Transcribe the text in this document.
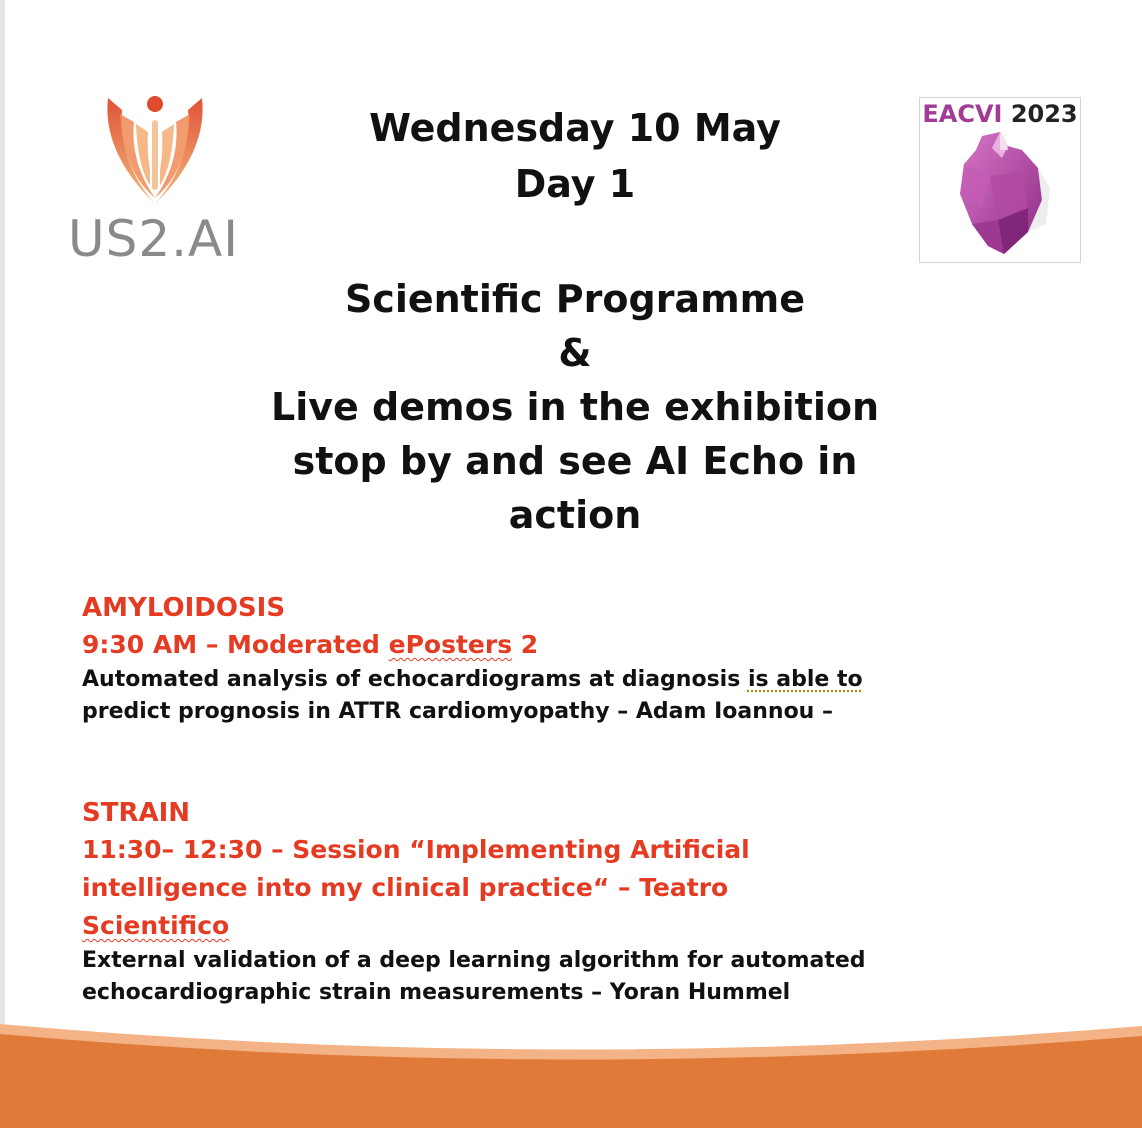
US2.AI
EACVI 2023
Wednesday 10 May
Day 1
Scientific Programme
&
Live demos in the exhibition
stop by and see AI Echo in
action
AMYLOIDOSIS
9:30 AM – Moderated ePosters 2
Automated analysis of echocardiograms at diagnosis is able to
predict prognosis in ATTR cardiomyopathy – Adam Ioannou –
STRAIN
11:30– 12:30 – Session “Implementing Artificial
intelligence into my clinical practice“ – Teatro
Scientifico
External validation of a deep learning algorithm for automated
echocardiographic strain measurements – Yoran Hummel
